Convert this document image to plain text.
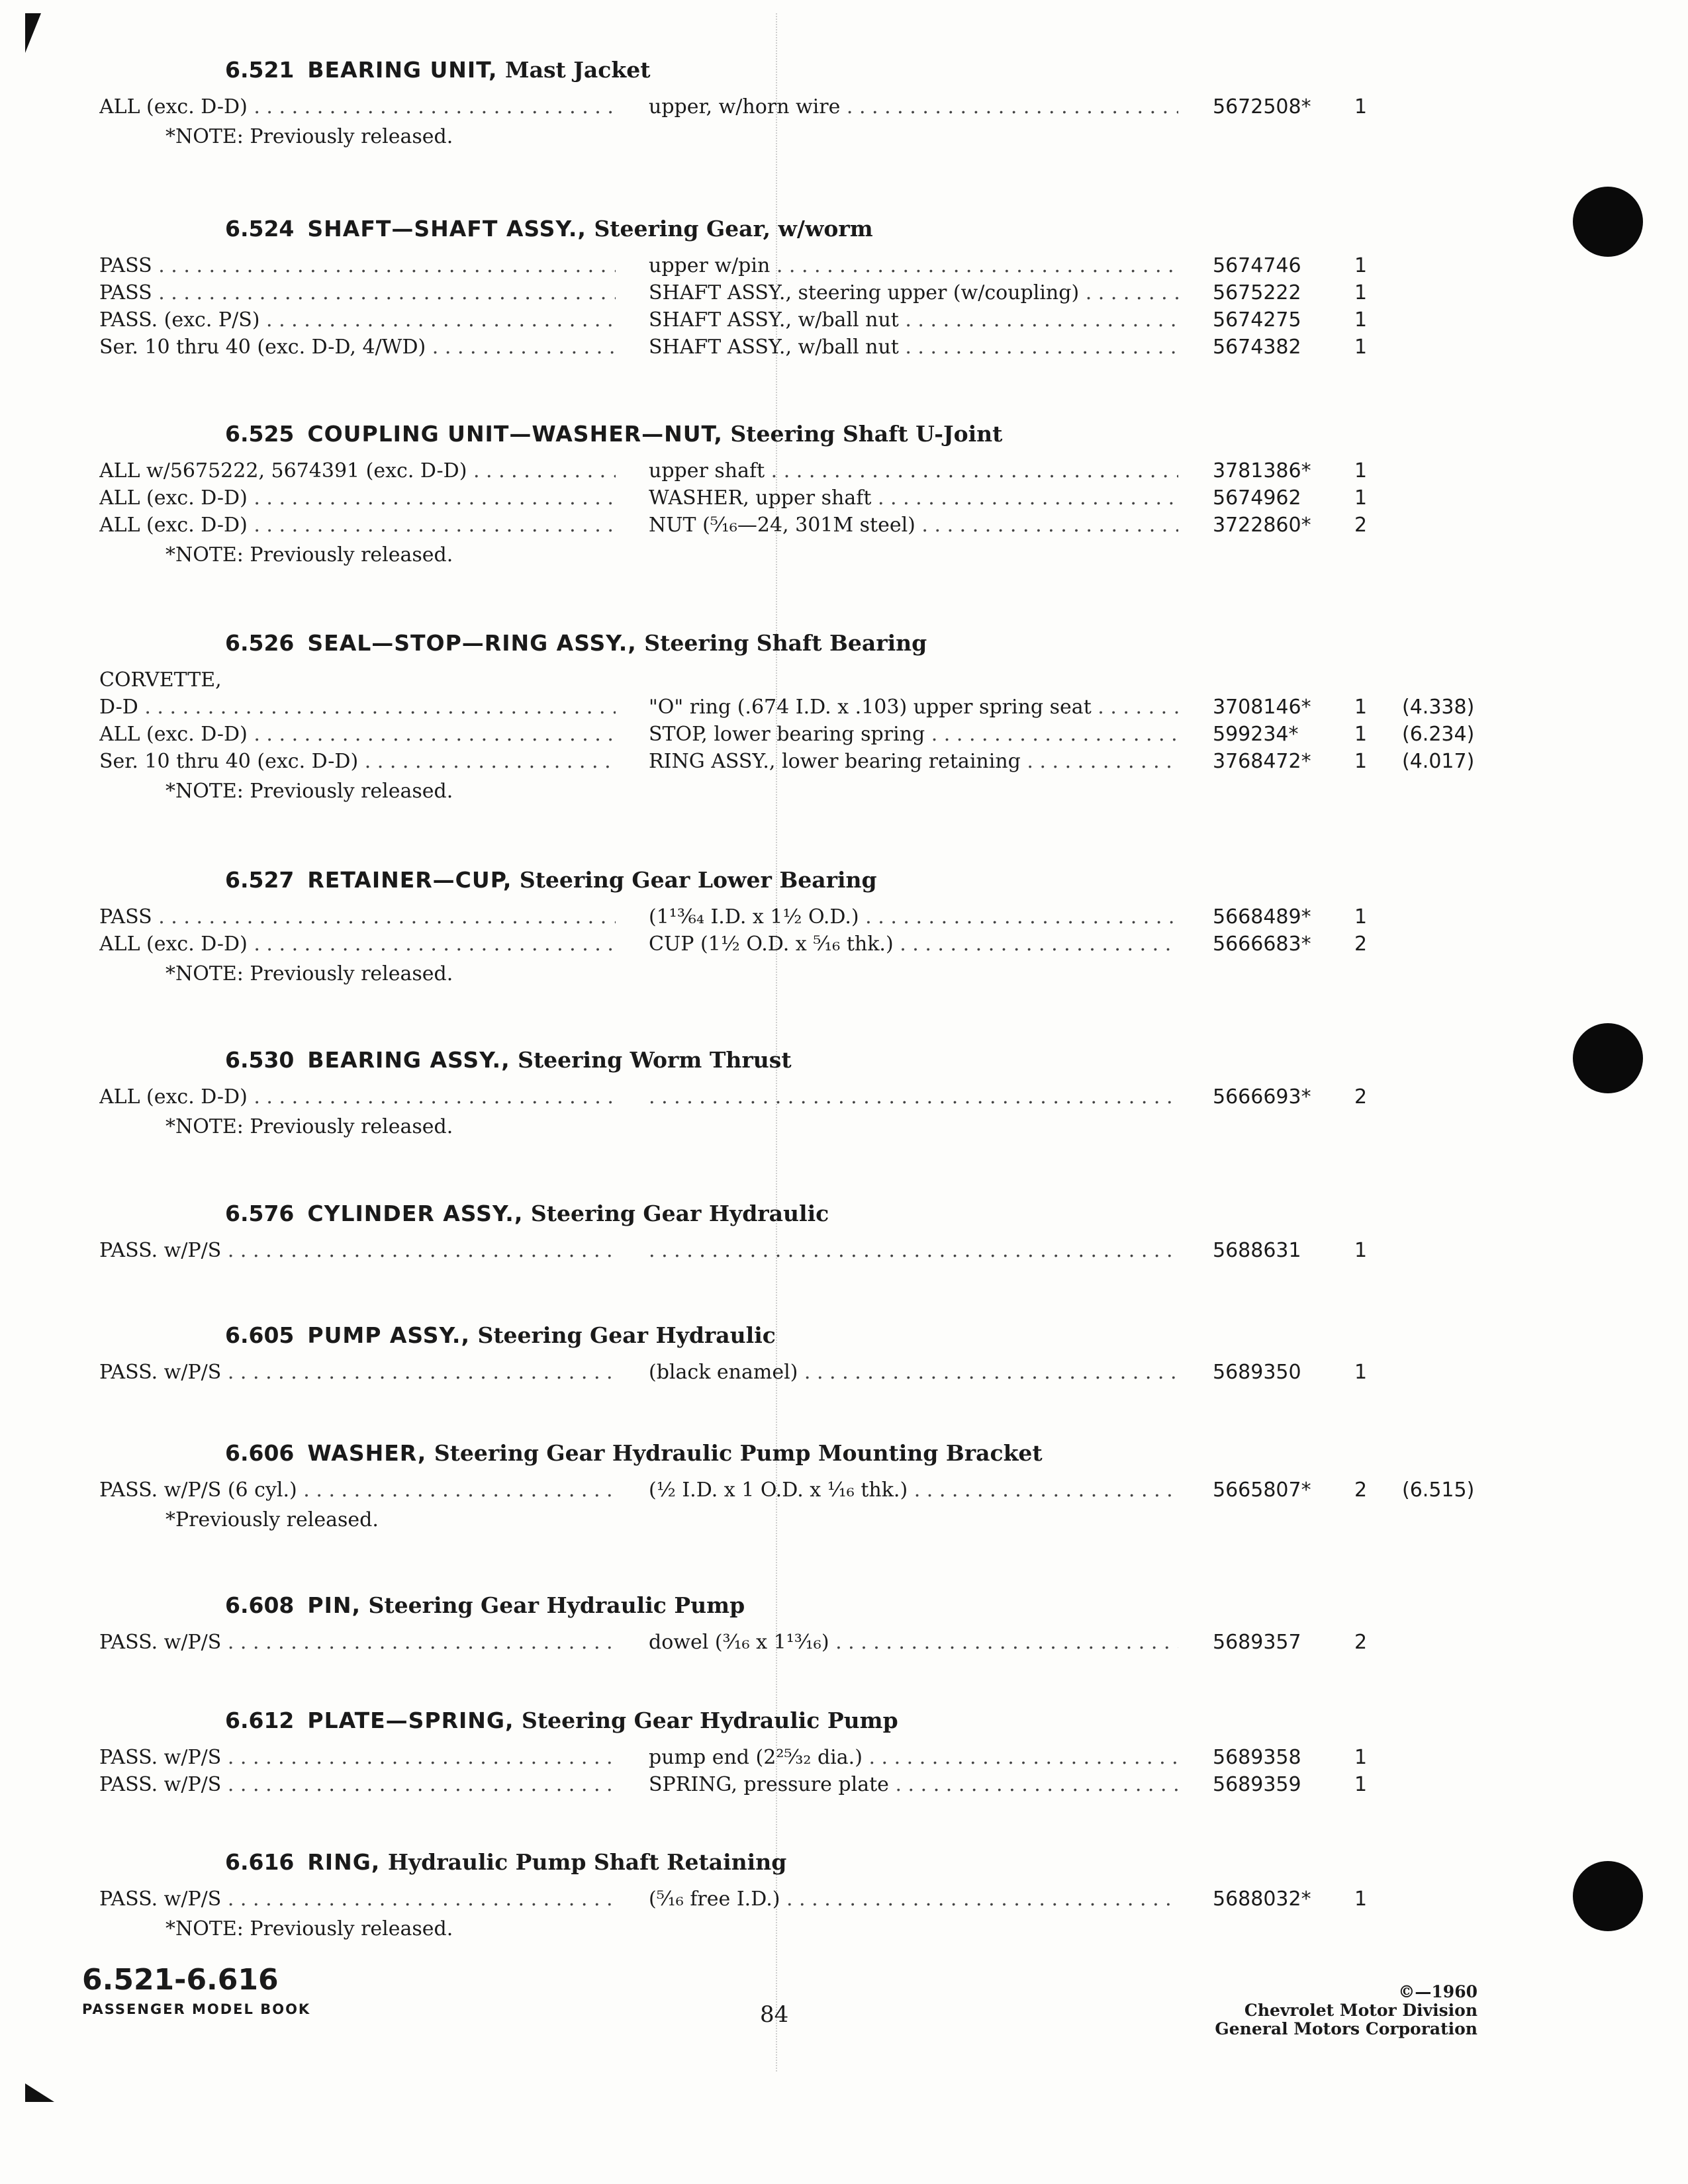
6.521 BEARING UNIT, Mast Jacket
ALL (exc. D-D) . . .	upper, w/horn wire . . .	5672508* 1
*NOTE: Previously released.
6.524 SHAFT—SHAFT ASSY., Steering Gear, w/worm
PASS . . .	upper w/pin . . .	5674746	1
PASS . . .	SHAFT ASSY., steering upper (w/coupling) . . .	5675222	1
PASS. (exc. P/S) . . .	SHAFT ASSY., w/ball nut . . .	5674275	1
Ser. 10 thru 40 (exc. D-D, 4/WD) . . .	SHAFT ASSY., w/ball nut . . .	5674382	1
6.525 COUPLING UNIT—WASHER—NUT, Steering Shaft U-Joint
ALL w/5675222, 5674391 (exc. D-D) . . .	upper shaft . . .	3781386* 1
ALL (exc. D-D) . . .	WASHER, upper shaft . . .	5674962	1
ALL (exc. D-D) . . .	NUT (⁵⁄₁₆—24, 301M steel) . . .	3722860* 2
*NOTE: Previously released.
6.526 SEAL—STOP—RING ASSY., Steering Shaft Bearing
CORVETTE,
D-D . . .	"O" ring (.674 I.D. x .103) upper spring seat . . .	3708146* 1	(4.338)
ALL (exc. D-D) . . .	STOP, lower bearing spring . . .	599234*	1	(6.234)
Ser. 10 thru 40 (exc. D-D) . . .	RING ASSY., lower bearing retaining . . .	3768472* 1	(4.017)
*NOTE: Previously released.
6.527 RETAINER—CUP, Steering Gear Lower Bearing
PASS . . .	(1¹³⁄₆₄ I.D. x 1½ O.D.) . . .	5668489* 1
ALL (exc. D-D) . . .	CUP (1½ O.D. x ⁵⁄₁₆ thk.) . . .	5666683* 2
*NOTE: Previously released.
6.530 BEARING ASSY., Steering Worm Thrust
ALL (exc. D-D) . . . . . .	5666693* 2
*NOTE: Previously released.
6.576 CYLINDER ASSY., Steering Gear Hydraulic
PASS. w/P/S . . . . . .	5688631	1
6.605 PUMP ASSY., Steering Gear Hydraulic
PASS. w/P/S . . .	(black enamel) . . .	5689350	1
6.606 WASHER, Steering Gear Hydraulic Pump Mounting Bracket
PASS. w/P/S (6 cyl.) . . .	(½ I.D. x 1 O.D. x ¹⁄₁₆ thk.) . . .	5665807* 2	(6.515)
*Previously released.
6.608 PIN, Steering Gear Hydraulic Pump
PASS. w/P/S . . .	dowel (³⁄₁₆ x 1¹³⁄₁₆) . . .	5689357	2
6.612 PLATE—SPRING, Steering Gear Hydraulic Pump
PASS. w/P/S . . .	pump end (2²⁵⁄₃₂ dia.) . . .	5689358	1
PASS. w/P/S . . .	SPRING, pressure plate . . .	5689359	1
6.616 RING, Hydraulic Pump Shaft Retaining
PASS. w/P/S . . .	(⁵⁄₁₆ free I.D.) . . .	5688032* 1
*NOTE: Previously released.
6.521-6.616
PASSENGER MODEL BOOK	84
©—1960
Chevrolet Motor Division
General Motors Corporation
